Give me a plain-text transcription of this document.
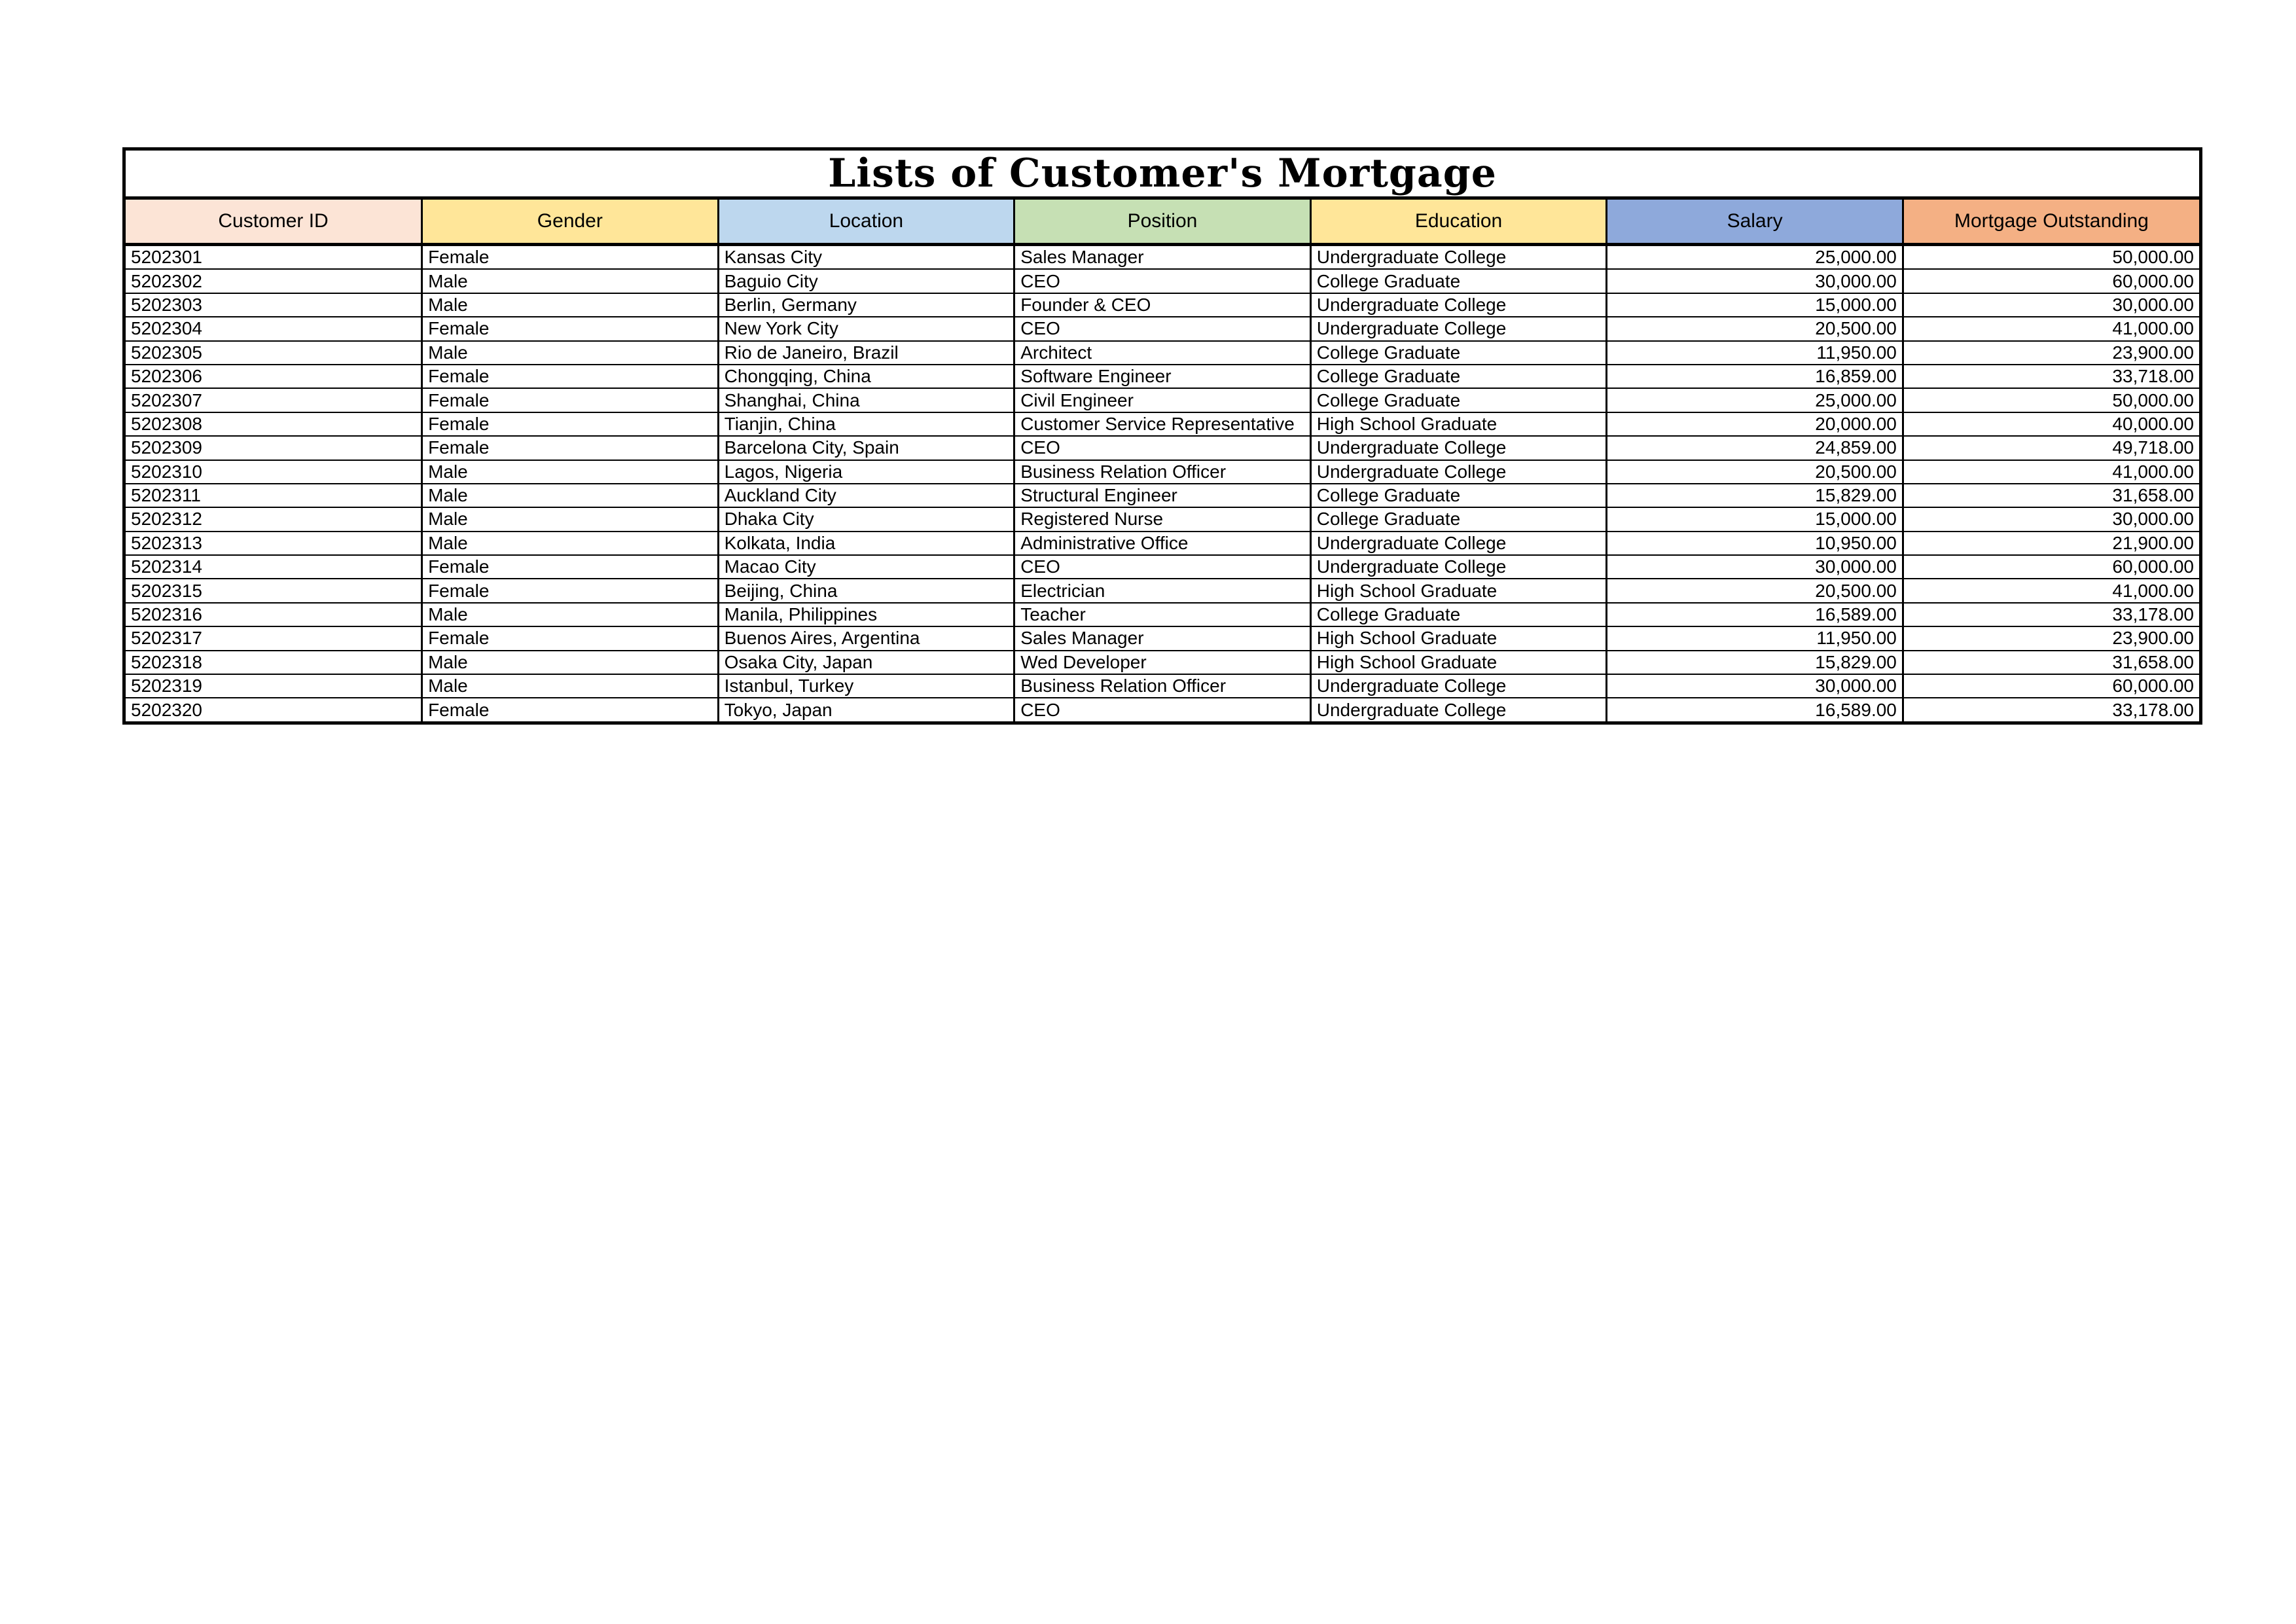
Lists of Customer's Mortgage
Customer ID	Gender	Location	Position	Education	Salary	Mortgage Outstanding
5202301	Female	Kansas City	Sales Manager	Undergraduate College	25,000.00	50,000.00
5202302	Male	Baguio City	CEO	College Graduate	30,000.00	60,000.00
5202303	Male	Berlin, Germany	Founder & CEO	Undergraduate College	15,000.00	30,000.00
5202304	Female	New York City	CEO	Undergraduate College	20,500.00	41,000.00
5202305	Male	Rio de Janeiro, Brazil	Architect	College Graduate	11,950.00	23,900.00
5202306	Female	Chongqing, China	Software Engineer	College Graduate	16,859.00	33,718.00
5202307	Female	Shanghai, China	Civil Engineer	College Graduate	25,000.00	50,000.00
5202308	Female	Tianjin, China	Customer Service Representative	High School Graduate	20,000.00	40,000.00
5202309	Female	Barcelona City, Spain	CEO	Undergraduate College	24,859.00	49,718.00
5202310	Male	Lagos, Nigeria	Business Relation Officer	Undergraduate College	20,500.00	41,000.00
5202311	Male	Auckland City	Structural Engineer	College Graduate	15,829.00	31,658.00
5202312	Male	Dhaka City	Registered Nurse	College Graduate	15,000.00	30,000.00
5202313	Male	Kolkata, India	Administrative Office	Undergraduate College	10,950.00	21,900.00
5202314	Female	Macao City	CEO	Undergraduate College	30,000.00	60,000.00
5202315	Female	Beijing, China	Electrician	High School Graduate	20,500.00	41,000.00
5202316	Male	Manila, Philippines	Teacher	College Graduate	16,589.00	33,178.00
5202317	Female	Buenos Aires, Argentina	Sales Manager	High School Graduate	11,950.00	23,900.00
5202318	Male	Osaka City, Japan	Wed Developer	High School Graduate	15,829.00	31,658.00
5202319	Male	Istanbul, Turkey	Business Relation Officer	Undergraduate College	30,000.00	60,000.00
5202320	Female	Tokyo, Japan	CEO	Undergraduate College	16,589.00	33,178.00
